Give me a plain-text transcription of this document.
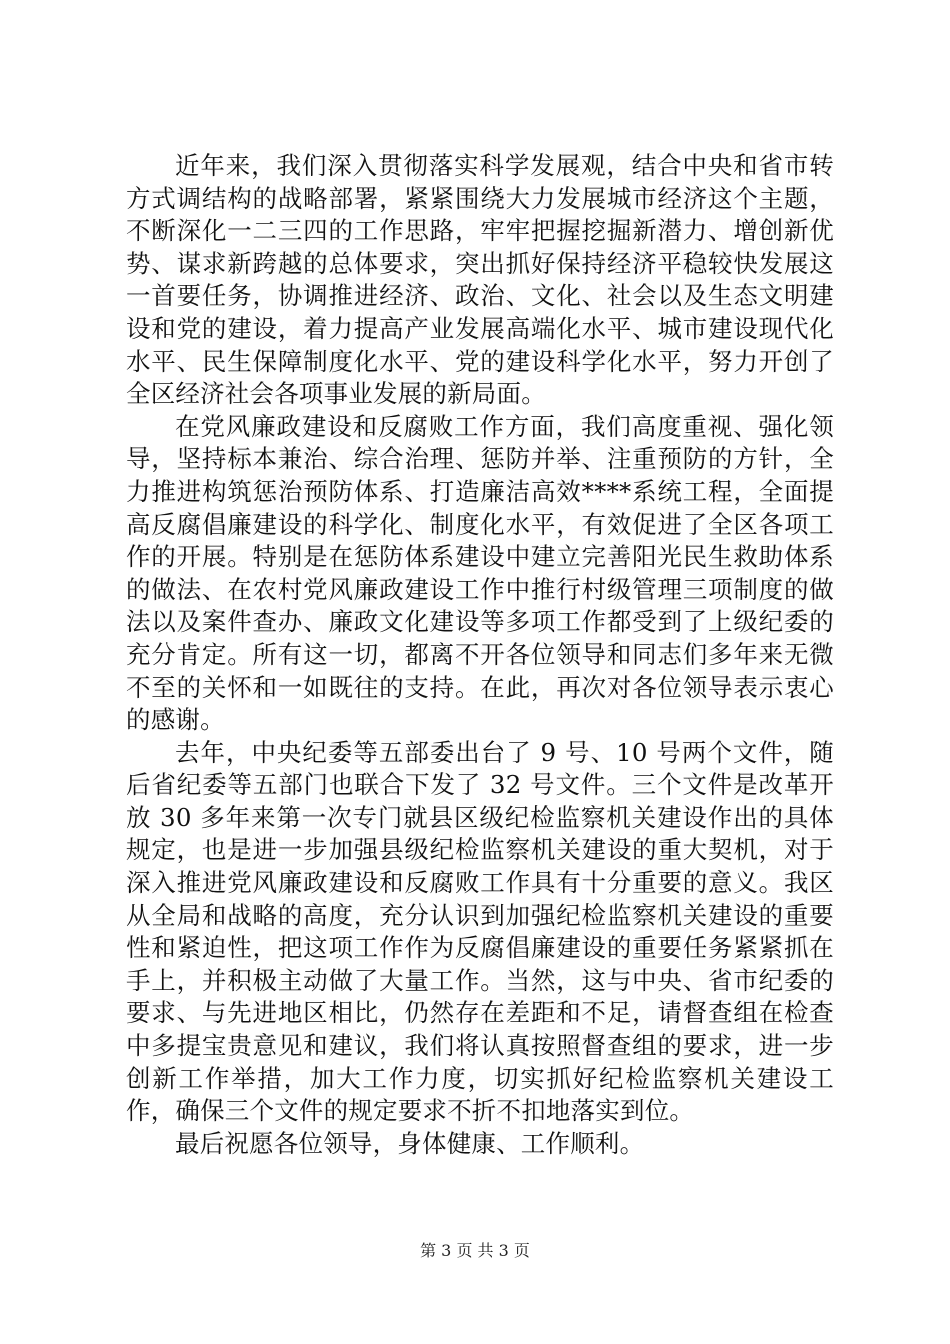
近年来，我们深入贯彻落实科学发展观，结合中央和省市转方式调结构的战略部署，紧紧围绕大力发展城市经济这个主题，不断深化一二三四的工作思路，牢牢把握挖掘新潜力、增创新优势、谋求新跨越的总体要求，突出抓好保持经济平稳较快发展这一首要任务，协调推进经济、政治、文化、社会以及生态文明建设和党的建设，着力提高产业发展高端化水平、城市建设现代化水平、民生保障制度化水平、党的建设科学化水平，努力开创了全区经济社会各项事业发展的新局面。

在党风廉政建设和反腐败工作方面，我们高度重视、强化领导，坚持标本兼治、综合治理、惩防并举、注重预防的方针，全力推进构筑惩治预防体系、打造廉洁高效****系统工程，全面提高反腐倡廉建设的科学化、制度化水平，有效促进了全区各项工作的开展。特别是在惩防体系建设中建立完善阳光民生救助体系的做法、在农村党风廉政建设工作中推行村级管理三项制度的做法以及案件查办、廉政文化建设等多项工作都受到了上级纪委的充分肯定。所有这一切，都离不开各位领导和同志们多年来无微不至的关怀和一如既往的支持。在此，再次对各位领导表示衷心的感谢。

去年，中央纪委等五部委出台了 9 号、10 号两个文件，随后省纪委等五部门也联合下发了 32 号文件。三个文件是改革开放 30 多年来第一次专门就县区级纪检监察机关建设作出的具体规定，也是进一步加强县级纪检监察机关建设的重大契机，对于深入推进党风廉政建设和反腐败工作具有十分重要的意义。我区从全局和战略的高度，充分认识到加强纪检监察机关建设的重要性和紧迫性，把这项工作作为反腐倡廉建设的重要任务紧紧抓在手上，并积极主动做了大量工作。当然，这与中央、省市纪委的要求、与先进地区相比，仍然存在差距和不足，请督查组在检查中多提宝贵意见和建议，我们将认真按照督查组的要求，进一步创新工作举措，加大工作力度，切实抓好纪检监察机关建设工作，确保三个文件的规定要求不折不扣地落实到位。

最后祝愿各位领导，身体健康、工作顺利。

第 3 页 共 3 页
